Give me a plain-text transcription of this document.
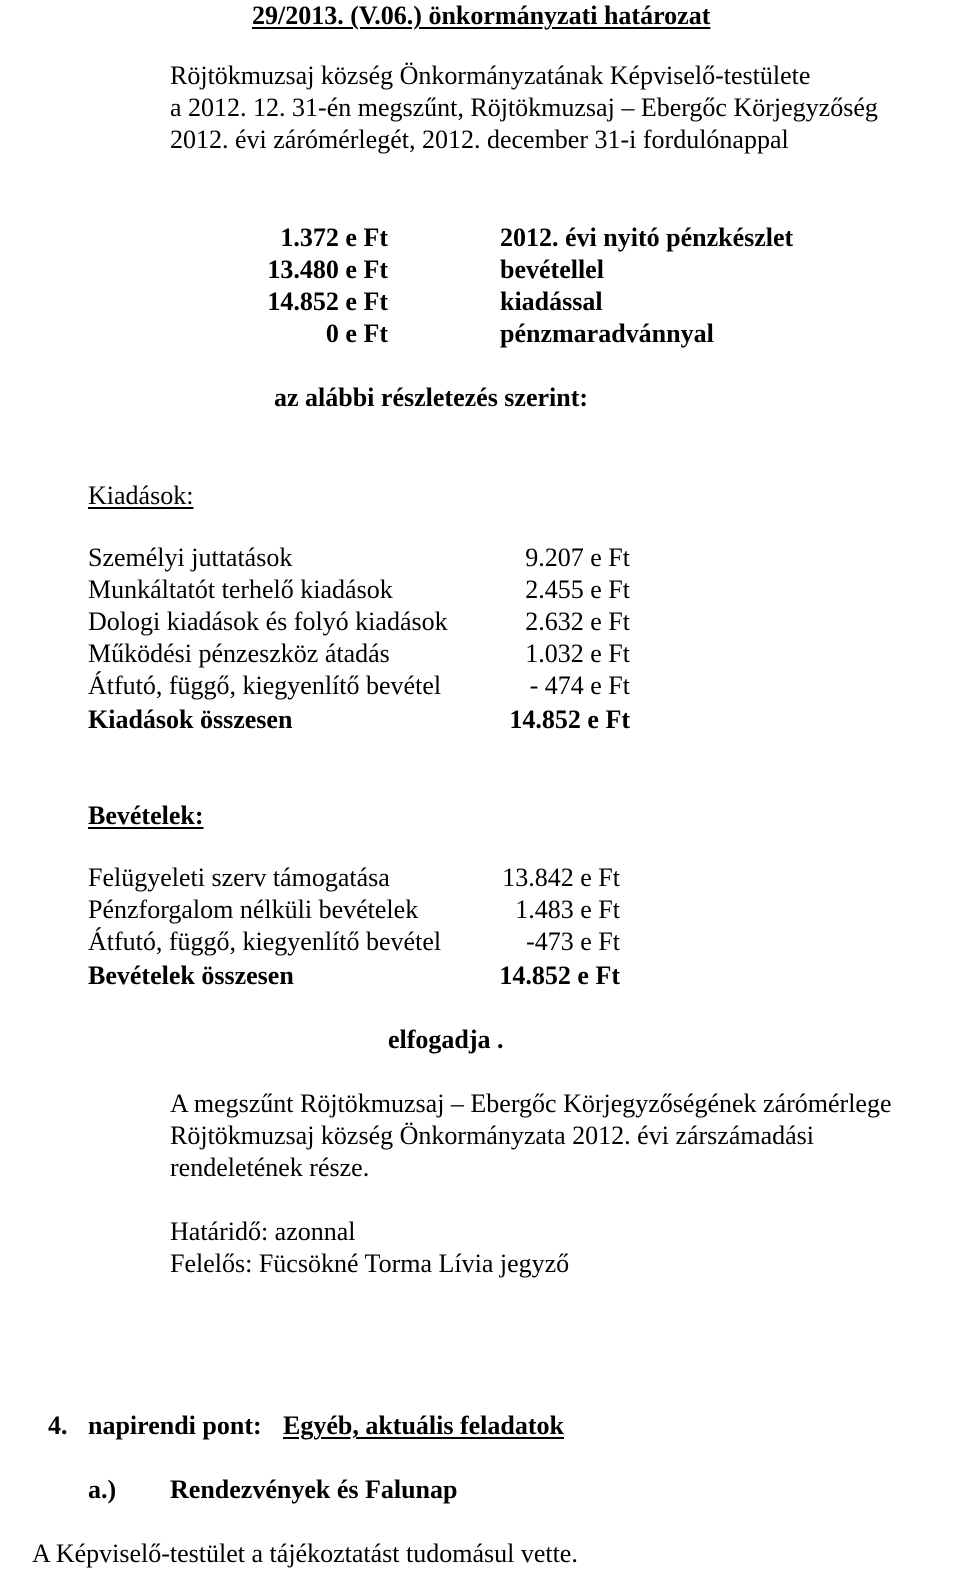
29/2013. (V.06.) önkormányzati határozat
Röjtökmuzsaj község Önkormányzatának Képviselő-testülete
a 2012. 12. 31-én megszűnt, Röjtökmuzsaj – Ebergőc Körjegyzőség
2012. évi zárómérlegét, 2012. december 31-i fordulónappal
1.372 e Ft	2012. évi nyitó pénzkészlet
13.480 e Ft	bevétellel
14.852 e Ft	kiadással
0 e Ft	pénzmaradvánnyal
az alábbi részletezés szerint:
Kiadások:
Személyi juttatások	9.207 e Ft
Munkáltatót terhelő kiadások	2.455 e Ft
Dologi kiadások és folyó kiadások	2.632 e Ft
Működési pénzeszköz átadás	1.032 e Ft
Átfutó, függő, kiegyenlítő bevétel	- 474 e Ft
Kiadások összesen	14.852 e Ft
Bevételek:
Felügyeleti szerv támogatása	13.842 e Ft
Pénzforgalom nélküli bevételek	1.483 e Ft
Átfutó, függő, kiegyenlítő bevétel	-473 e Ft
Bevételek összesen	14.852 e Ft
elfogadja .
A megszűnt Röjtökmuzsaj – Ebergőc Körjegyzőségének zárómérlege
Röjtökmuzsaj község Önkormányzata 2012. évi zárszámadási
rendeletének része.
Határidő: azonnal
Felelős: Fücsökné Torma Lívia jegyző
4. napirendi pont: Egyéb, aktuális feladatok
a.) Rendezvények és Falunap
A Képviselő-testület a tájékoztatást tudomásul vette.
